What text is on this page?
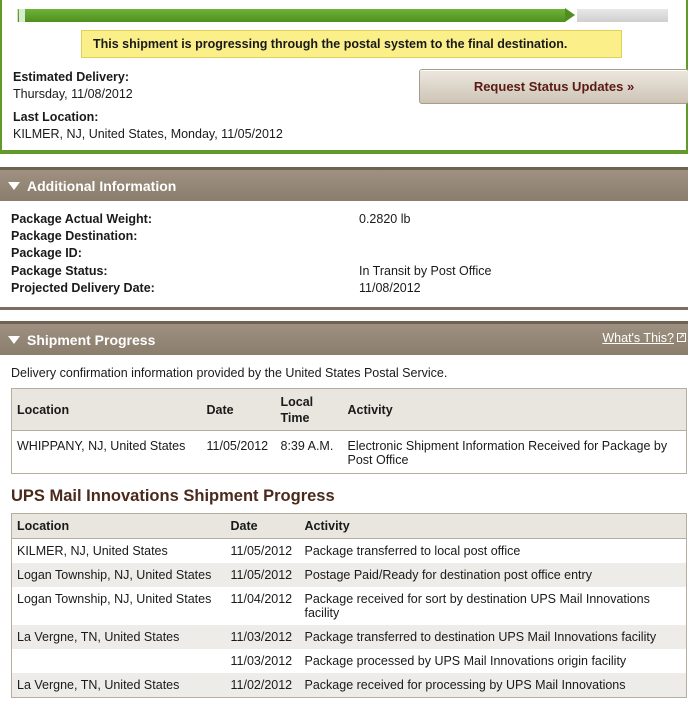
This shipment is progressing through the postal system to the final destination.
Estimated Delivery:
Thursday, 11/08/2012
Last Location:
KILMER, NJ, United States, Monday, 11/05/2012
Request Status Updates »
Additional Information
Package Actual Weight:	0.2820 lb
Package Destination:
Package ID:
Package Status:	In Transit by Post Office
Projected Delivery Date:	11/08/2012
Shipment Progress	What's This? ↗
Delivery confirmation information provided by the United States Postal Service.
Location	Date	Local Time	Activity
WHIPPANY, NJ, United States	11/05/2012	8:39 A.M.	Electronic Shipment Information Received for Package by Post Office
UPS Mail Innovations Shipment Progress
Location	Date	Activity
KILMER, NJ, United States	11/05/2012	Package transferred to local post office
Logan Township, NJ, United States	11/05/2012	Postage Paid/Ready for destination post office entry
Logan Township, NJ, United States	11/04/2012	Package received for sort by destination UPS Mail Innovations facility
La Vergne, TN, United States	11/03/2012	Package transferred to destination UPS Mail Innovations facility
	11/03/2012	Package processed by UPS Mail Innovations origin facility
La Vergne, TN, United States	11/02/2012	Package received for processing by UPS Mail Innovations
